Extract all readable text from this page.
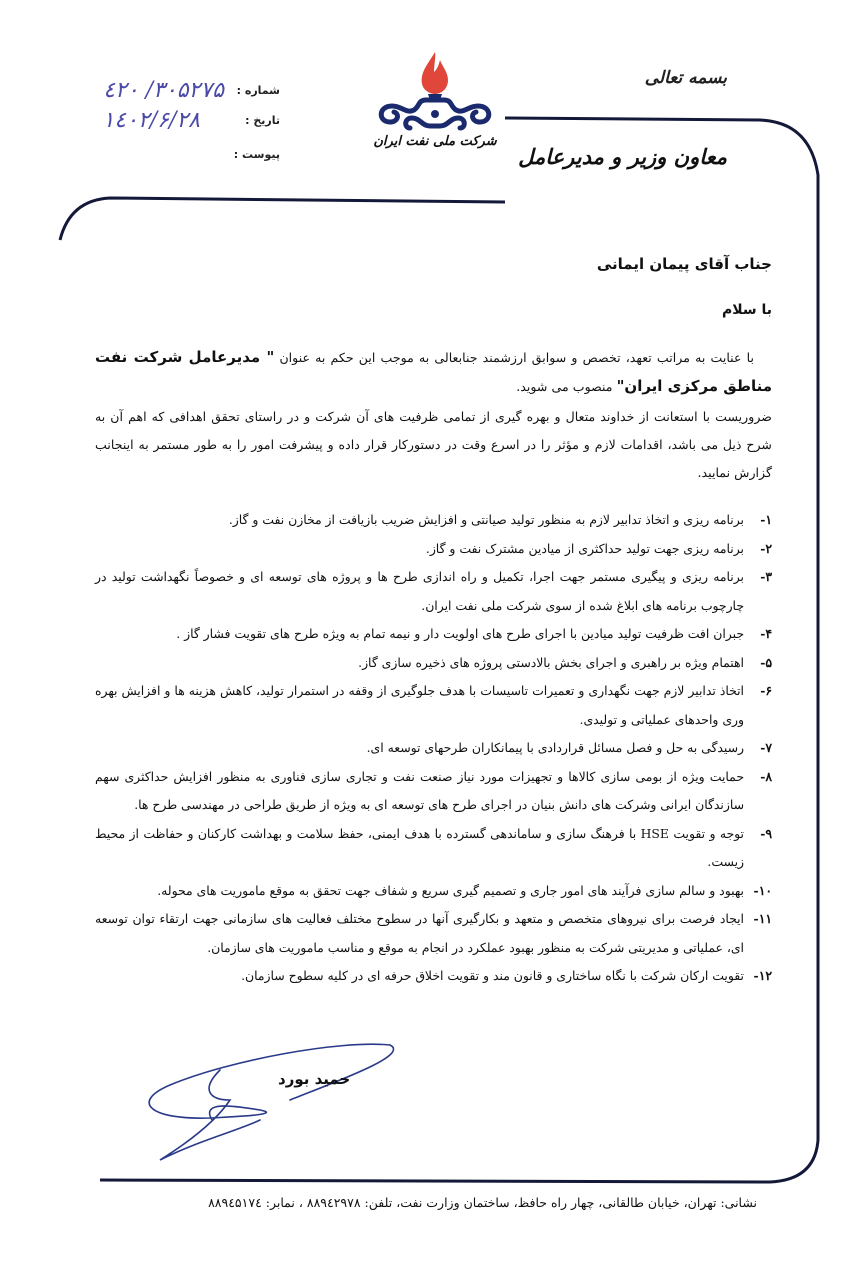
بسمه تعالی
معاون وزیر و مدیرعامل
شماره :
۳۰۵۲۷۵/ ٤٢٠
تاریخ :
۱٤۰۲/۶/۲۸
پیوست :
شرکت ملی نفت ایران
جناب آقای پیمان ایمانی
با سلام
با عنایت به مراتب تعهد، تخصص و سوابق ارزشمند جنابعالی به موجب این حکم به عنوان " مدیرعامل شرکت نفت مناطق مرکزی ایران" منصوب می شوید.
ضروریست با استعانت از خداوند متعال و بهره گیری از تمامی ظرفیت های آن شرکت و در راستای تحقق اهدافی که اهم آن به شرح ذیل می باشد، اقدامات لازم و مؤثر را در اسرع وقت در دستورکار قرار داده و پیشرفت امور را به طور مستمر به اینجانب گزارش نمایید.
۱-
برنامه ریزی و اتخاذ تدابیر لازم به منظور تولید صیانتی و افزایش ضریب بازیافت از مخازن نفت و گاز.
۲-
برنامه ریزی جهت تولید حداکثری از میادین مشترک نفت و گاز.
۳-
برنامه ریزی و پیگیری مستمر جهت اجرا، تکمیل و راه اندازی طرح ها و پروژه های توسعه ای و خصوصاً نگهداشت تولید در چارچوب برنامه های ابلاغ شده از سوی شرکت ملی نفت ایران.
۴-
جبران افت ظرفیت تولید میادین با اجرای طرح های اولویت دار و نیمه تمام به ویژه طرح های تقویت فشار گاز .
۵-
اهتمام ویژه بر راهبری و اجرای بخش بالادستی پروژه های ذخیره سازی گاز.
۶-
اتخاذ تدابیر لازم جهت نگهداری و تعمیرات تاسیسات با هدف جلوگیری از وقفه در استمرار تولید، کاهش هزینه ها و افزایش بهره وری واحدهای عملیاتی و تولیدی.
۷-
رسیدگی به حل و فصل مسائل قراردادی با پیمانکاران طرحهای توسعه ای.
۸-
حمایت ویژه از بومی سازی کالاها و تجهیزات مورد نیاز صنعت نفت و تجاری سازی فناوری به منظور افزایش حداکثری سهم سازندگان ایرانی وشرکت های دانش بنیان در اجرای طرح های توسعه ای به ویژه از طریق طراحی در مهندسی طرح ها.
۹-
توجه و تقویت HSE با فرهنگ سازی و ساماندهی گسترده با هدف ایمنی، حفظ سلامت و بهداشت کارکنان و حفاظت از محیط زیست.
۱۰-
بهبود و سالم سازی فرآیند های امور جاری و تصمیم گیری سریع و شفاف جهت تحقق به موقع ماموریت های محوله.
۱۱-
ایجاد فرصت برای نیروهای متخصص و متعهد و بکارگیری آنها در سطوح مختلف فعالیت های سازمانی جهت ارتقاء توان توسعه ای، عملیاتی و مدیریتی شرکت به منظور بهبود عملکرد در انجام به موقع و مناسب ماموریت های سازمان.
۱۲-
تقویت ارکان شرکت با نگاه ساختاری و قانون مند و تقویت اخلاق حرفه ای در کلیه سطوح سازمان.
حمید بورد
نشانی: تهران، خیابان طالقانی، چهار راه حافظ، ساختمان وزارت نفت، تلفن: ۸۸۹٤۲۹۷۸ ، نمابر: ۸۸۹٤۵۱۷٤
